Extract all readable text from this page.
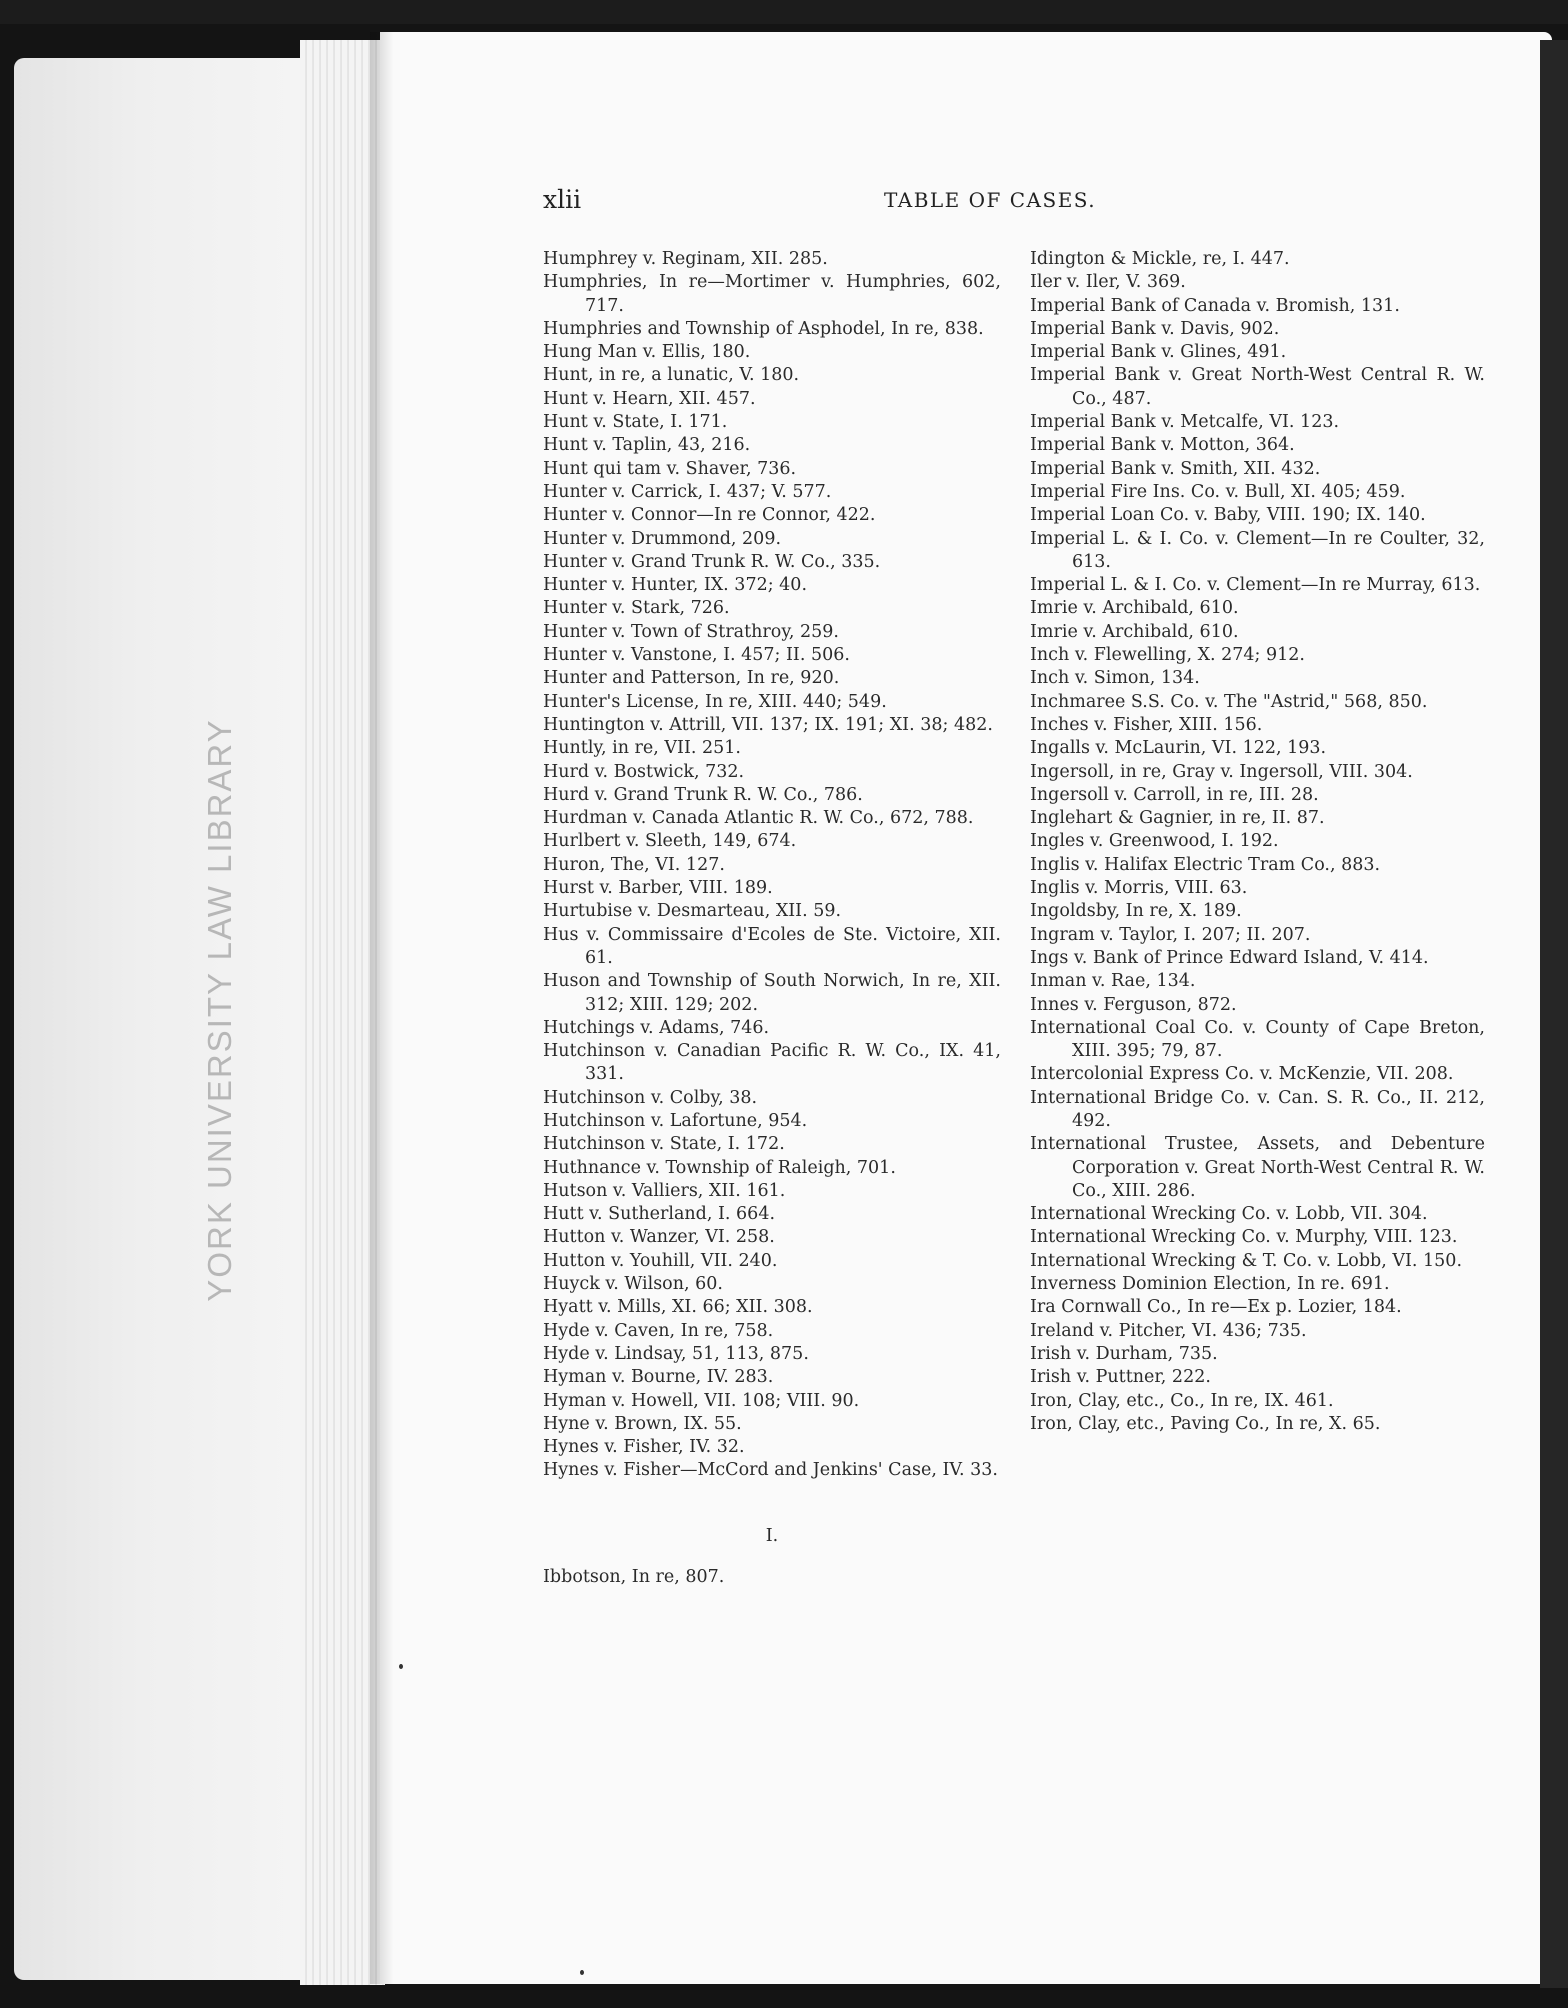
YORK UNIVERSITY LAW LIBRARY
xlii	TABLE OF CASES.

Humphrey v. Reginam, XII. 285.

Humphries, In re—Mortimer v. Humphries, 602, 717.

Humphries and Township of Asphodel, In re, 838.

Hung Man v. Ellis, 180.

Hunt, in re, a lunatic, V. 180.

Hunt v. Hearn, XII. 457.

Hunt v. State, I. 171.

Hunt v. Taplin, 43, 216.

Hunt qui tam v. Shaver, 736.

Hunter v. Carrick, I. 437; V. 577.

Hunter v. Connor—In re Connor, 422.

Hunter v. Drummond, 209.

Hunter v. Grand Trunk R. W. Co., 335.

Hunter v. Hunter, IX. 372; 40.

Hunter v. Stark, 726.

Hunter v. Town of Strathroy, 259.

Hunter v. Vanstone, I. 457; II. 506.

Hunter and Patterson, In re, 920.

Hunter's License, In re, XIII. 440; 549.

Huntington v. Attrill, VII. 137; IX. 191; XI. 38; 482.

Huntly, in re, VII. 251.

Hurd v. Bostwick, 732.

Hurd v. Grand Trunk R. W. Co., 786.

Hurdman v. Canada Atlantic R. W. Co., 672, 788.

Hurlbert v. Sleeth, 149, 674.

Huron, The, VI. 127.

Hurst v. Barber, VIII. 189.

Hurtubise v. Desmarteau, XII. 59.

Hus v. Commissaire d'Ecoles de Ste. Victoire, XII. 61.

Huson and Township of South Norwich, In re, XII. 312; XIII. 129; 202.

Hutchings v. Adams, 746.

Hutchinson v. Canadian Pacific R. W. Co., IX. 41, 331.

Hutchinson v. Colby, 38.

Hutchinson v. Lafortune, 954.

Hutchinson v. State, I. 172.

Huthnance v. Township of Raleigh, 701.

Hutson v. Valliers, XII. 161.

Hutt v. Sutherland, I. 664.

Hutton v. Wanzer, VI. 258.

Hutton v. Youhill, VII. 240.

Huyck v. Wilson, 60.

Hyatt v. Mills, XI. 66; XII. 308.

Hyde v. Caven, In re, 758.

Hyde v. Lindsay, 51, 113, 875.

Hyman v. Bourne, IV. 283.

Hyman v. Howell, VII. 108; VIII. 90.

Hyne v. Brown, IX. 55.

Hynes v. Fisher, IV. 32.

Hynes v. Fisher—McCord and Jenkins' Case, IV. 33.

I.

Ibbotson, In re, 807.

Idington & Mickle, re, I. 447.

Iler v. Iler, V. 369.

Imperial Bank of Canada v. Bromish, 131.

Imperial Bank v. Davis, 902.

Imperial Bank v. Glines, 491.

Imperial Bank v. Great North-West Central R. W. Co., 487.

Imperial Bank v. Metcalfe, VI. 123.

Imperial Bank v. Motton, 364.

Imperial Bank v. Smith, XII. 432.

Imperial Fire Ins. Co. v. Bull, XI. 405; 459.

Imperial Loan Co. v. Baby, VIII. 190; IX. 140.

Imperial L. & I. Co. v. Clement—In re Coulter, 32, 613.

Imperial L. & I. Co. v. Clement—In re Murray, 613.

Imrie v. Archibald, 610.

Imrie v. Archibald, 610.

Inch v. Flewelling, X. 274; 912.

Inch v. Simon, 134.

Inchmaree S.S. Co. v. The "Astrid," 568, 850.

Inches v. Fisher, XIII. 156.

Ingalls v. McLaurin, VI. 122, 193.

Ingersoll, in re, Gray v. Ingersoll, VIII. 304.

Ingersoll v. Carroll, in re, III. 28.

Inglehart & Gagnier, in re, II. 87.

Ingles v. Greenwood, I. 192.

Inglis v. Halifax Electric Tram Co., 883.

Inglis v. Morris, VIII. 63.

Ingoldsby, In re, X. 189.

Ingram v. Taylor, I. 207; II. 207.

Ings v. Bank of Prince Edward Island, V. 414.

Inman v. Rae, 134.

Innes v. Ferguson, 872.

International Coal Co. v. County of Cape Breton, XIII. 395; 79, 87.

Intercolonial Express Co. v. McKenzie, VII. 208.

International Bridge Co. v. Can. S. R. Co., II. 212, 492.

International Trustee, Assets, and Debenture Corporation v. Great North-West Central R. W. Co., XIII. 286.

International Wrecking Co. v. Lobb, VII. 304.

International Wrecking Co. v. Murphy, VIII. 123.

International Wrecking & T. Co. v. Lobb, VI. 150.

Inverness Dominion Election, In re. 691.

Ira Cornwall Co., In re—Ex p. Lozier, 184.

Ireland v. Pitcher, VI. 436; 735.

Irish v. Durham, 735.

Irish v. Puttner, 222.

Iron, Clay, etc., Co., In re, IX. 461.

Iron, Clay, etc., Paving Co., In re, X. 65.
